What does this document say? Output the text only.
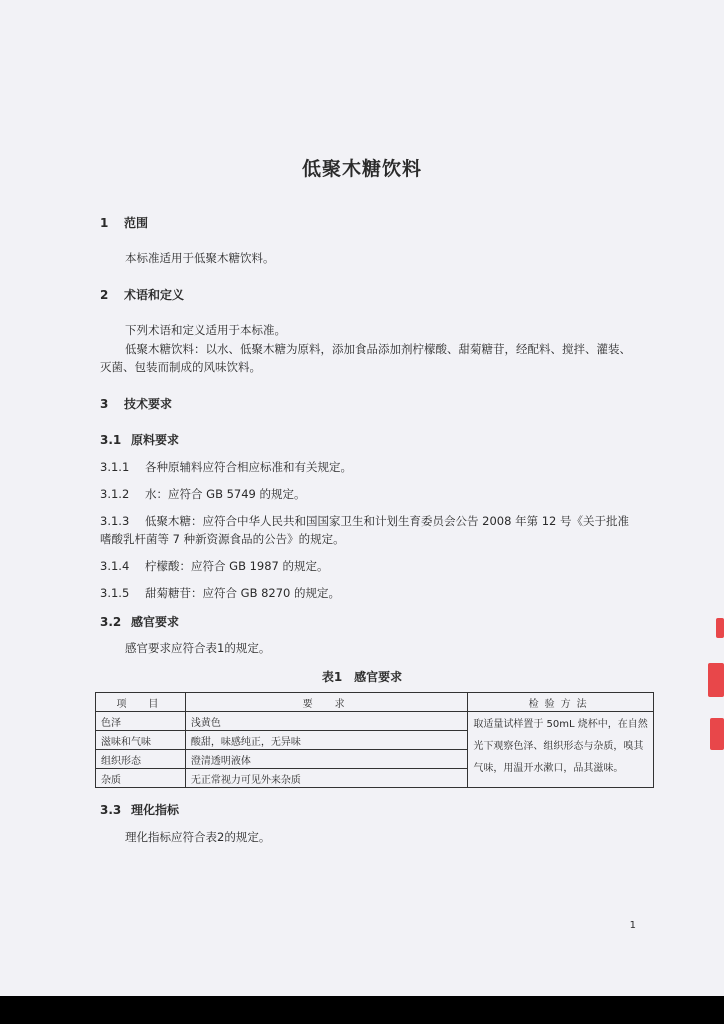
低聚木糖饮料
1 范围
本标准适用于低聚木糖饮料。
2 术语和定义
下列术语和定义适用于本标准。
低聚木糖饮料：以水、低聚木糖为原料，添加食品添加剂柠檬酸、甜菊糖苷，经配料、搅拌、灌装、
灭菌、包装而制成的风味饮料。
3 技术要求
3.1 原料要求
3.1.1 各种原辅料应符合相应标准和有关规定。
3.1.2 水：应符合 GB 5749 的规定。
3.1.3 低聚木糖：应符合中华人民共和国国家卫生和计划生育委员会公告 2008 年第 12 号《关于批准
嗜酸乳杆菌等 7 种新资源食品的公告》的规定。
3.1.4 柠檬酸：应符合 GB 1987 的规定。
3.1.5 甜菊糖苷：应符合 GB 8270 的规定。
3.2 感官要求
感官要求应符合表1的规定。
表1　感官要求
项　目	要　求	检验方法
色泽	浅黄色	取适量试样置于 50mL 烧杯中，在自然光下观察色泽、组织形态与杂质，嗅其气味，用温开水漱口，品其滋味。
滋味和气味	酸甜，味感纯正，无异味	
组织形态	澄清透明液体	
杂质	无正常视力可见外来杂质	
3.3 理化指标
理化指标应符合表2的规定。
1
